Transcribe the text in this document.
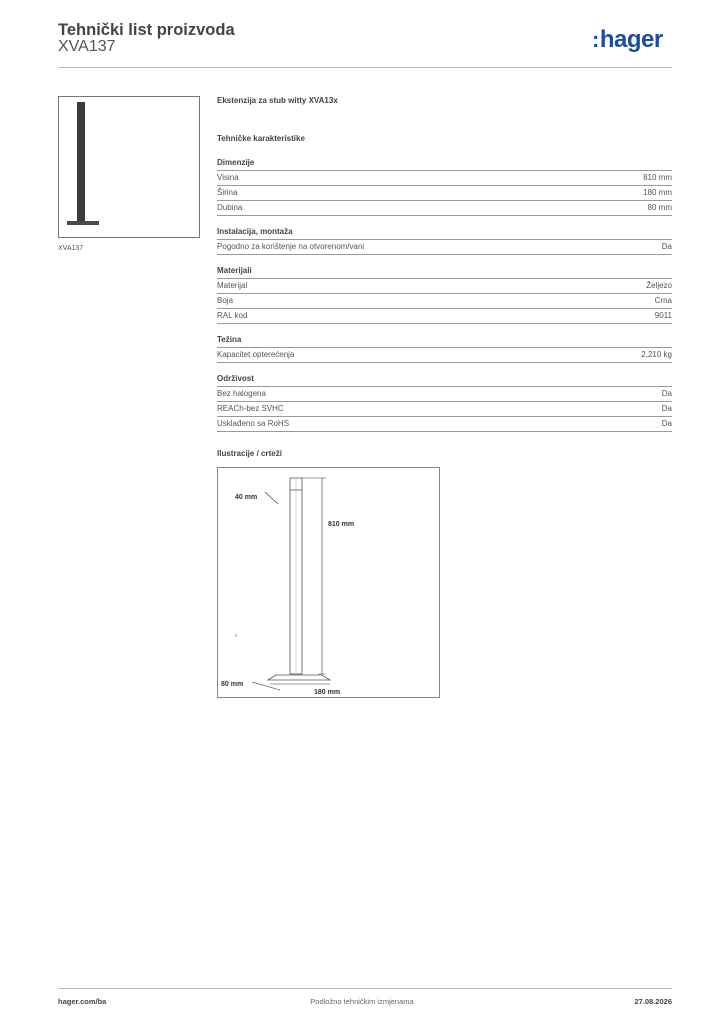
Tehnički list proizvoda
XVA137	:hager
XVA137
Ekstenzija za stub witty XVA13x
Tehničke karakteristike
Dimenzije
Visina	810 mm
Širina	180 mm
Dubina	80 mm
Instalacija, montaža
Pogodno za korištenje na otvorenom/vani	Da
Materijali
Materijal	Željezo
Boja	Crna
RAL kod	9011
Težina
Kapacitet opterećenja	2,210 kg
Održivost
Bez halogena	Da
REACh-bez SVHC	Da
Usklađeno sa RoHS	Da
Ilustracije / crteži
40 mm
810 mm
80 mm
180 mm
hager.com/ba	Podložno tehničkim izmjenama	27.08.2026
